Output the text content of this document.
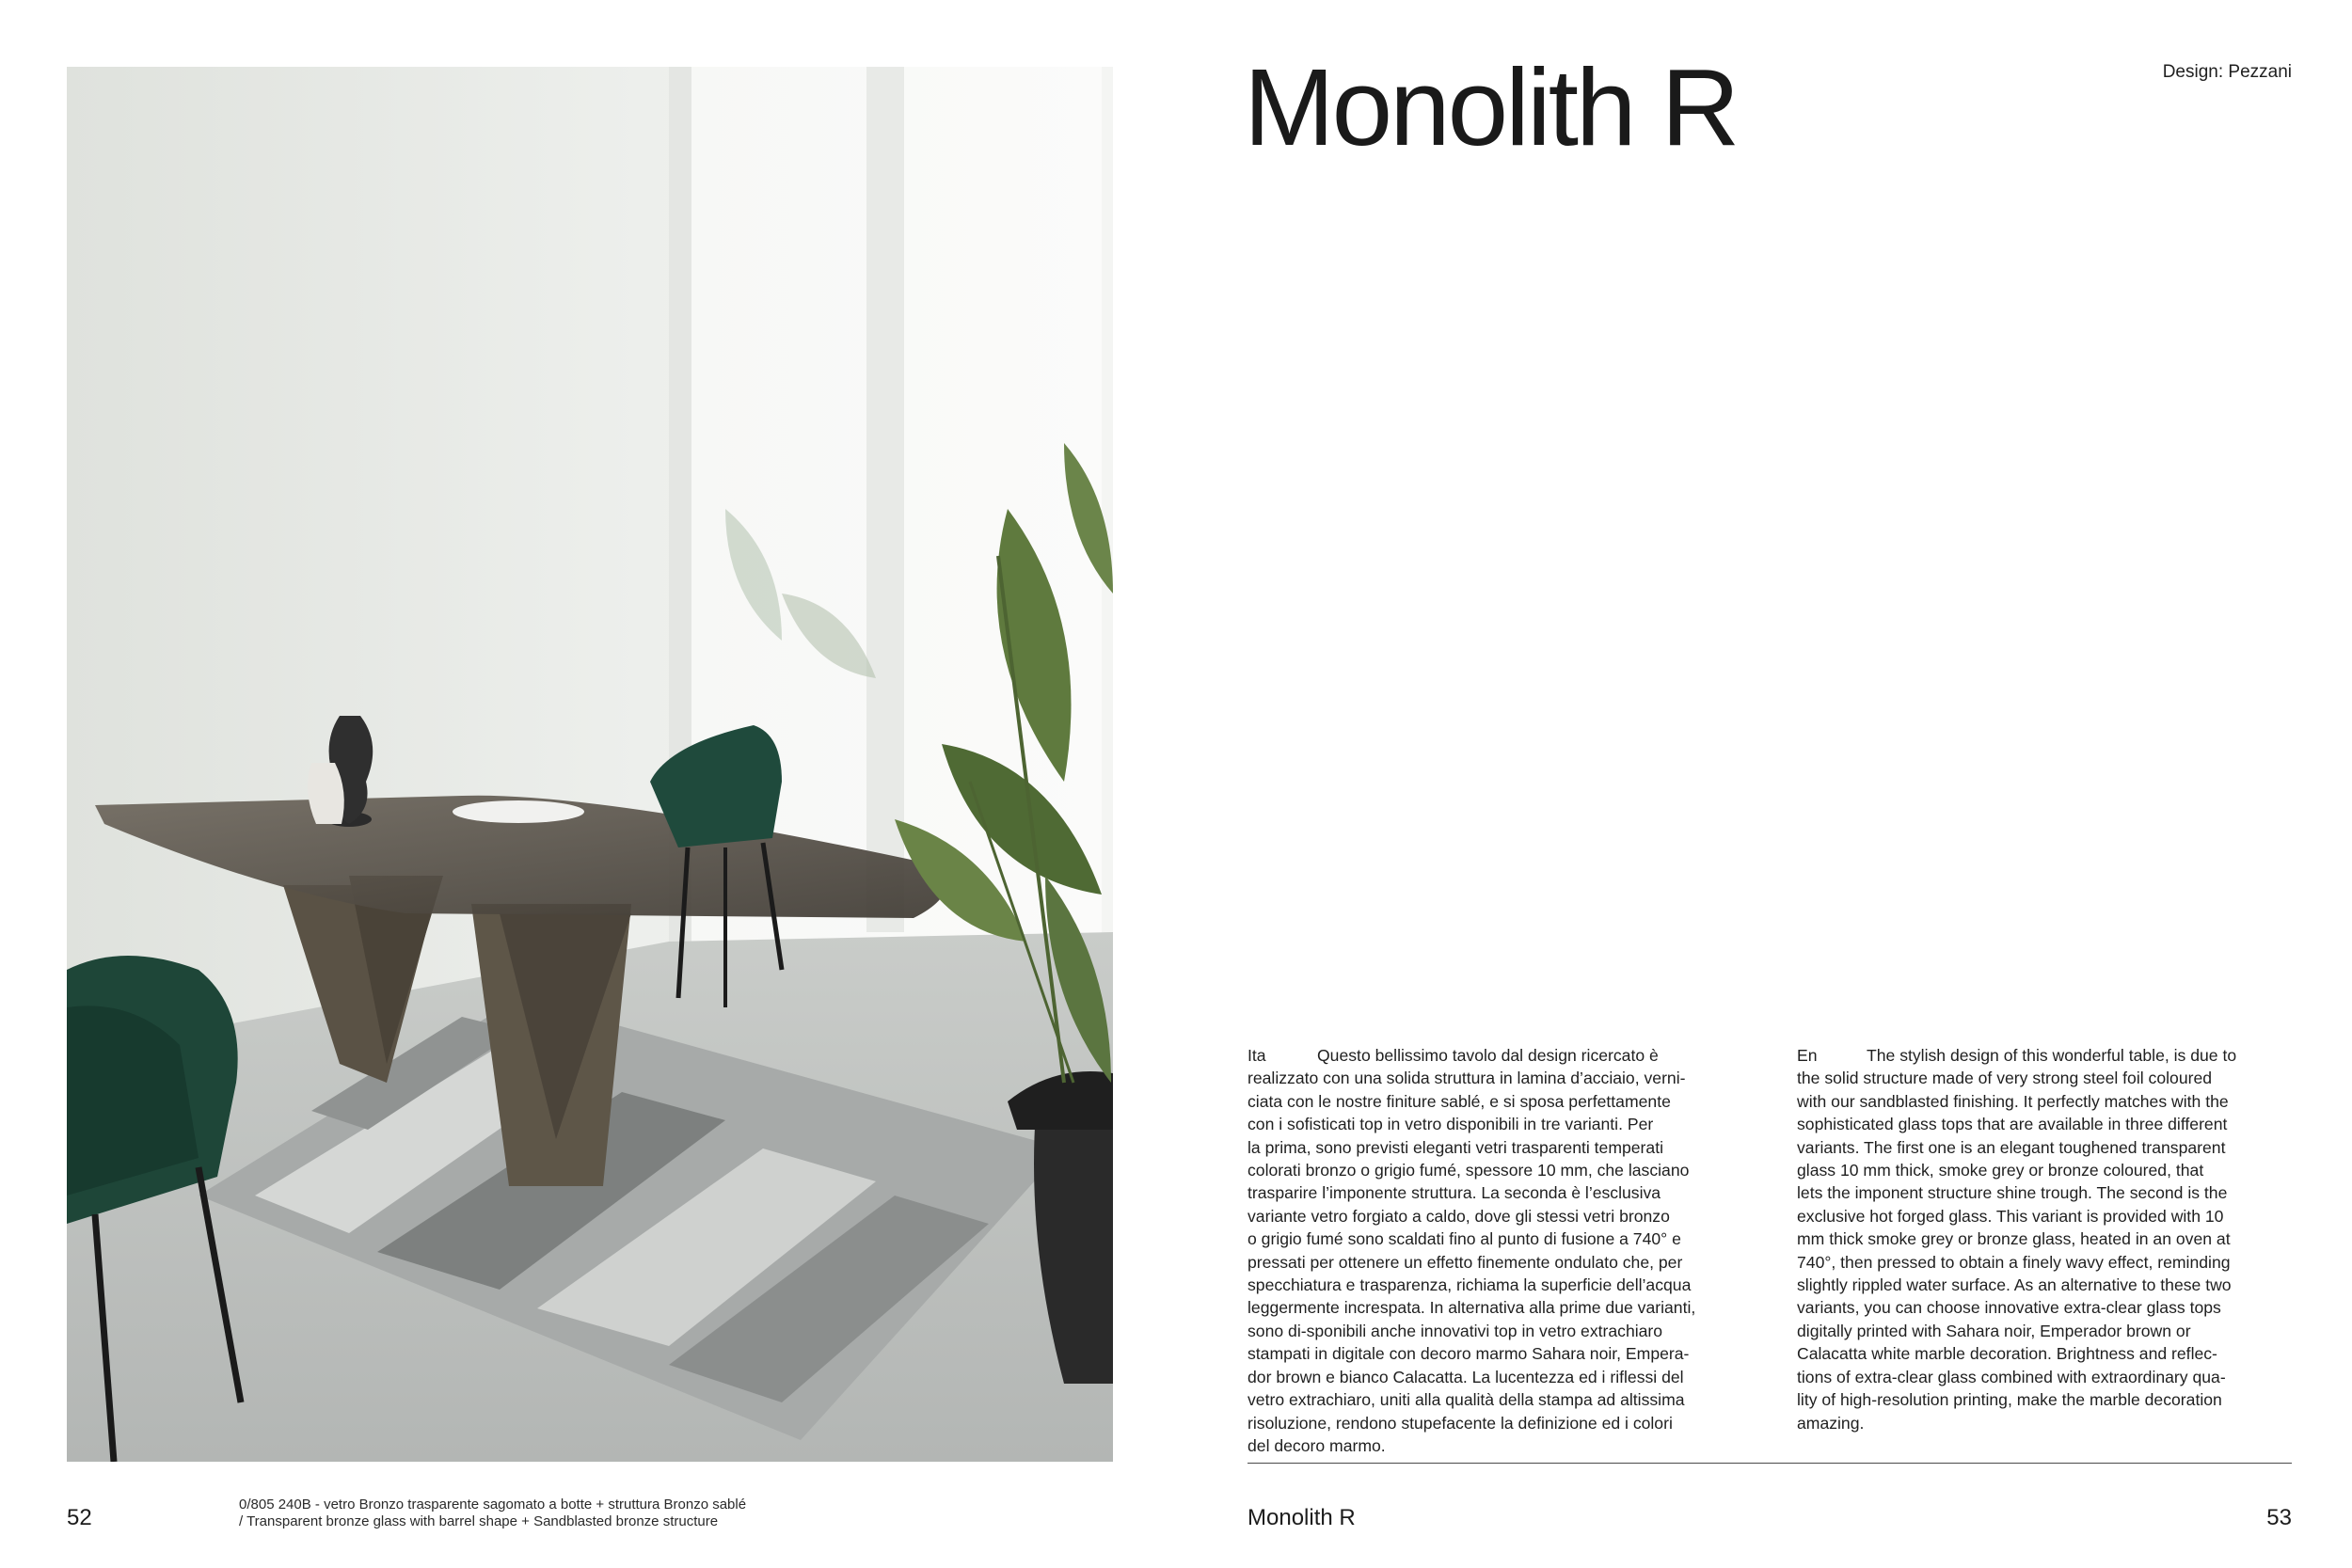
52
0/805 240B - vetro Bronzo trasparente sagomato a botte + struttura Bronzo sablé
/ Transparent bronze glass with barrel shape + Sandblasted bronze structure
Monolith R	Design: Pezzani
Ita	Questo bellissimo tavolo dal design ricercato è
realizzato con una solida struttura in lamina d’acciaio, verni-
ciata con le nostre finiture sablé, e si sposa perfettamente
con i sofisticati top in vetro disponibili in tre varianti. Per
la prima, sono previsti eleganti vetri trasparenti temperati
colorati bronzo o grigio fumé, spessore 10 mm, che lasciano
trasparire l’imponente struttura. La seconda è l’esclusiva
variante vetro forgiato a caldo, dove gli stessi vetri bronzo
o grigio fumé sono scaldati fino al punto di fusione a 740° e
pressati per ottenere un effetto finemente ondulato che, per
specchiatura e trasparenza, richiama la superficie dell’acqua
leggermente increspata. In alternativa alla prime due varianti,
sono di-sponibili anche innovativi top in vetro extrachiaro
stampati in digitale con decoro marmo Sahara noir, Empera-
dor brown e bianco Calacatta. La lucentezza ed i riflessi del
vetro extrachiaro, uniti alla qualità della stampa ad altissima
risoluzione, rendono stupefacente la definizione ed i colori
del decoro marmo.
En	The stylish design of this wonderful table, is due to
the solid structure made of very strong steel foil coloured
with our sandblasted finishing. It perfectly matches with the
sophisticated glass tops that are available in three different
variants. The first one is an elegant toughened transparent
glass 10 mm thick, smoke grey or bronze coloured, that
lets the imponent structure shine trough. The second is the
exclusive hot forged glass. This variant is provided with 10
mm thick smoke grey or bronze glass, heated in an oven at
740°, then pressed to obtain a finely wavy effect, reminding
slightly rippled water surface. As an alternative to these two
variants, you can choose innovative extra-clear glass tops
digitally printed with Sahara noir, Emperador brown or
Calacatta white marble decoration. Brightness and reflec-
tions of extra-clear glass combined with extraordinary qua-
lity of high-resolution printing, make the marble decoration
amazing.
Monolith R	53
